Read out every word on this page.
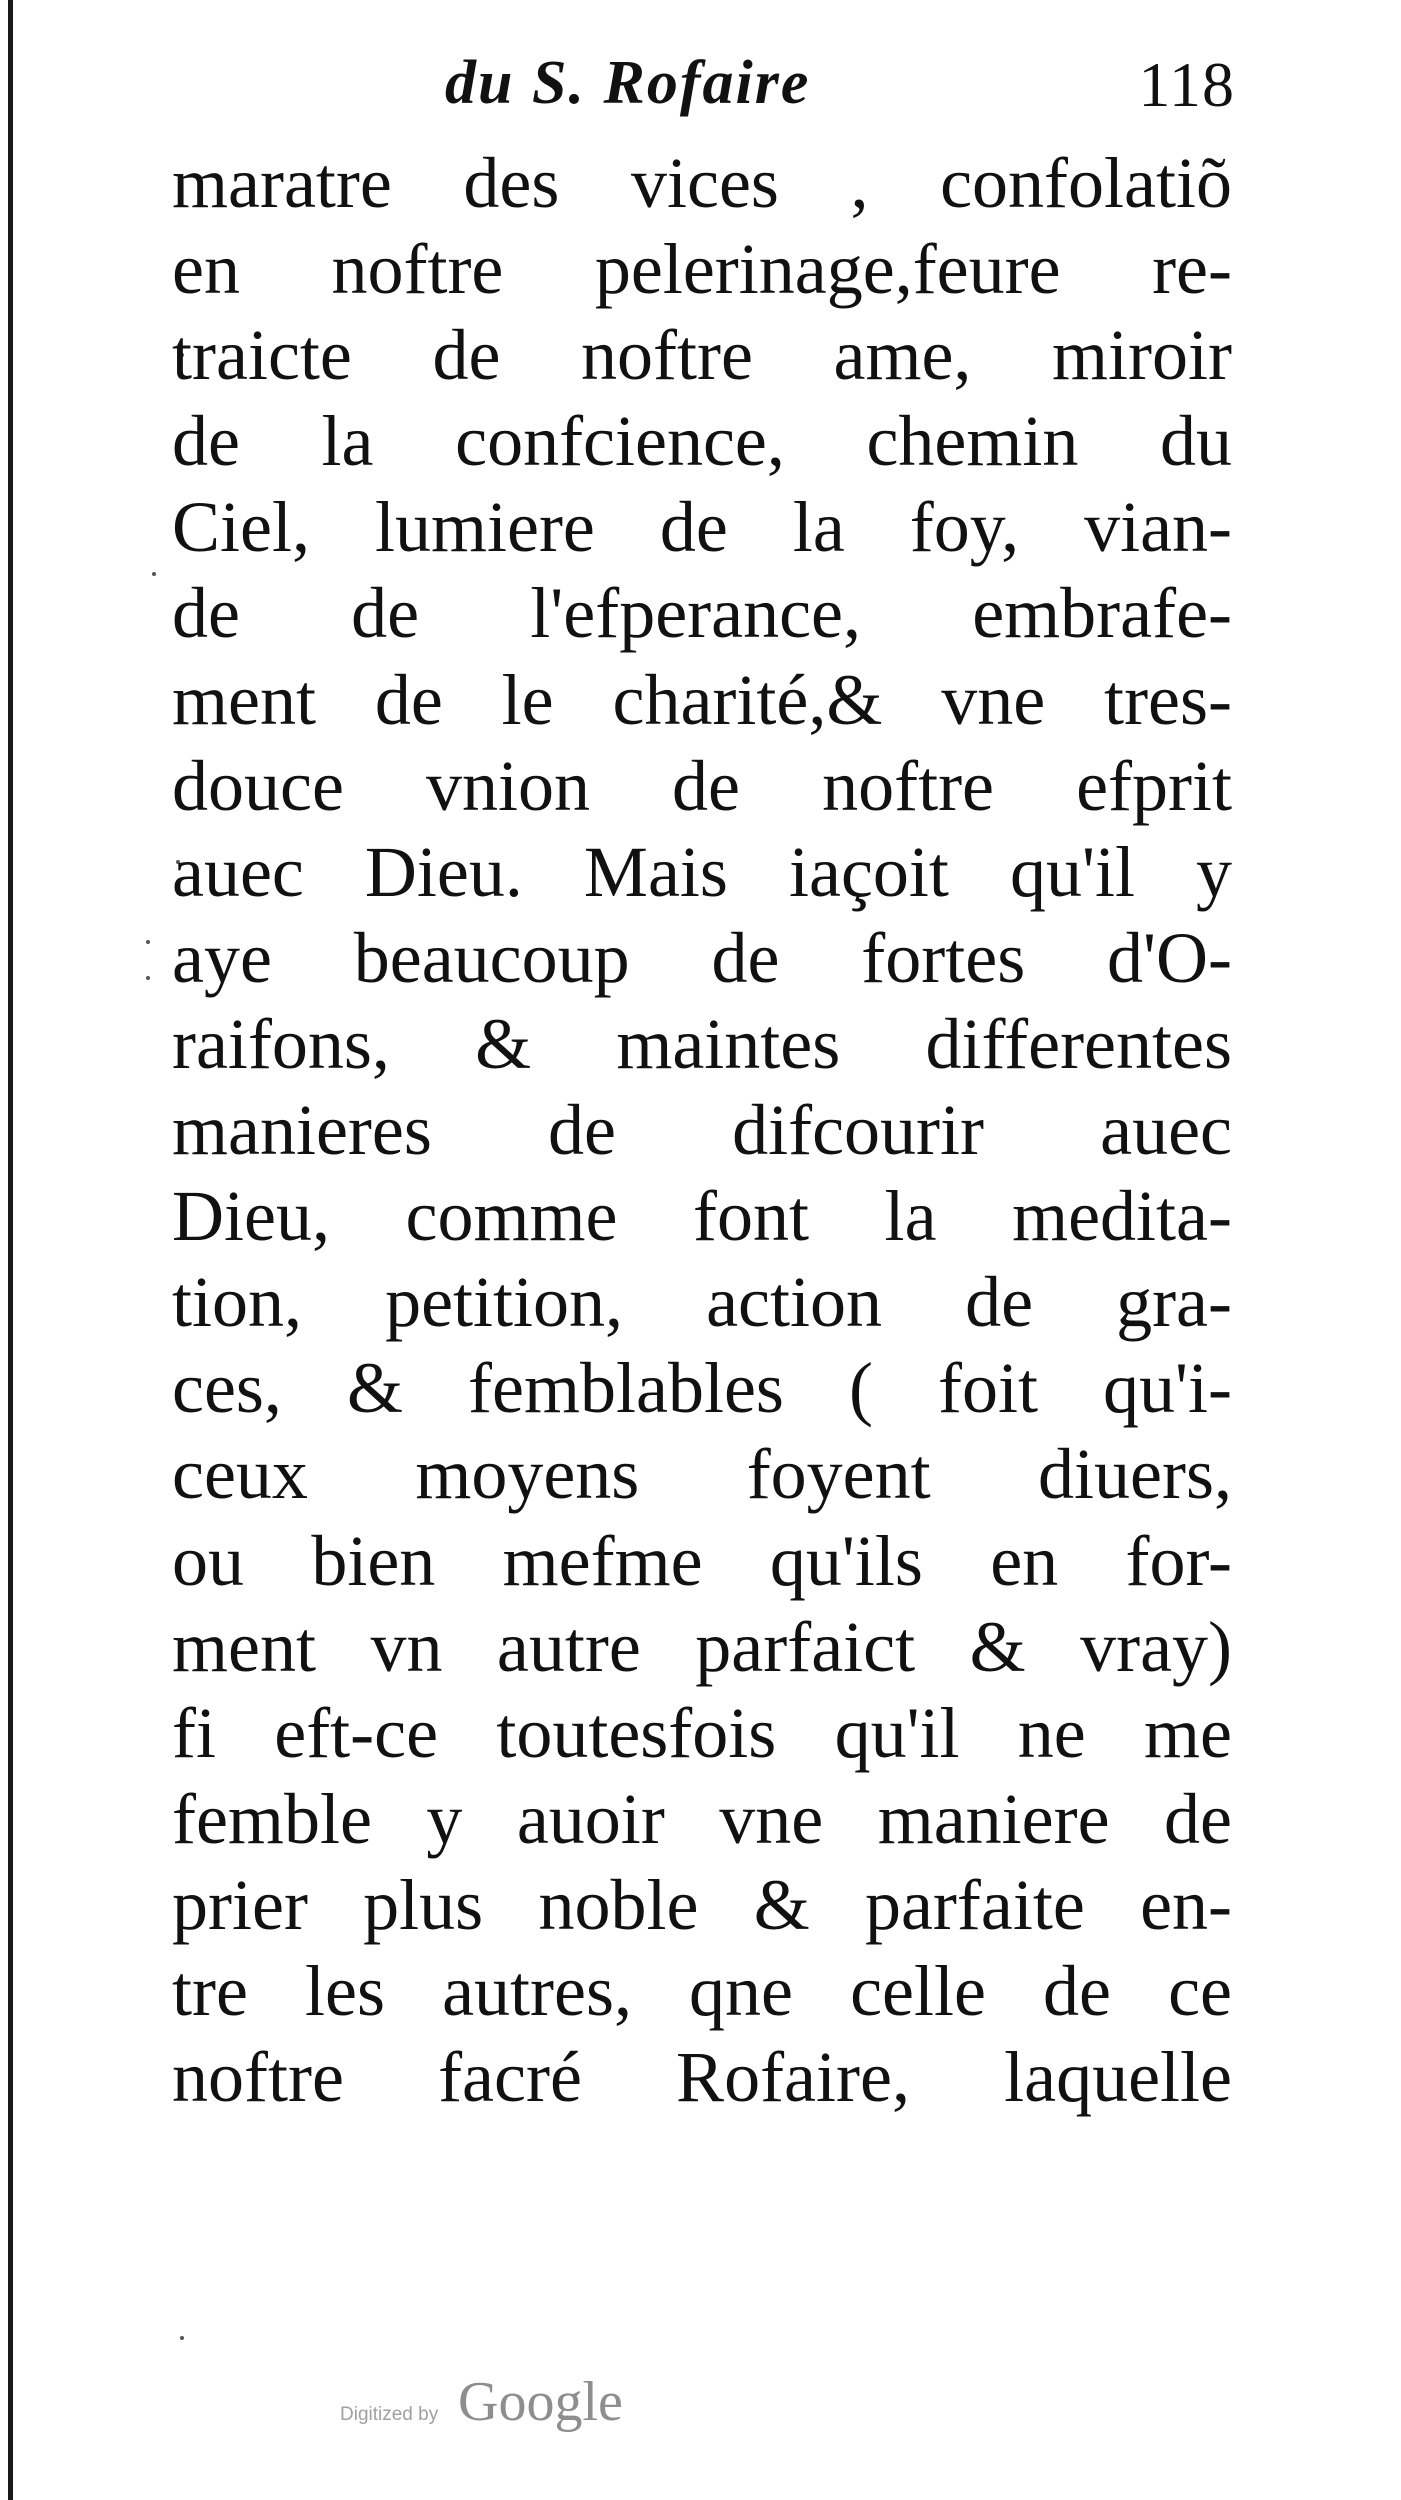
du S. Rofaire	118
maratre des vices , confolatiõ
en noftre pelerinage,feure re-
traicte de noftre ame, miroir
de la confcience, chemin du
Ciel, lumiere de la foy, vian-
de de l'efperance, embrafe-
ment de le charité,& vne tres-
douce vnion de noftre efprit
auec Dieu. Mais iaçoit qu'il y
aye beaucoup de fortes d'O-
raifons, & maintes differentes
manieres de difcourir auec
Dieu, comme font la medita-
tion, petition, action de gra-
ces, & femblables ( foit qu'i-
ceux moyens foyent diuers,
ou bien mefme qu'ils en for-
ment vn autre parfaict & vray)
fi eft-ce toutesfois qu'il ne me
femble y auoir vne maniere de
prier plus noble & parfaite en-
tre les autres, qne celle de ce
noftre facré Rofaire, laquelle
Digitized by Google
